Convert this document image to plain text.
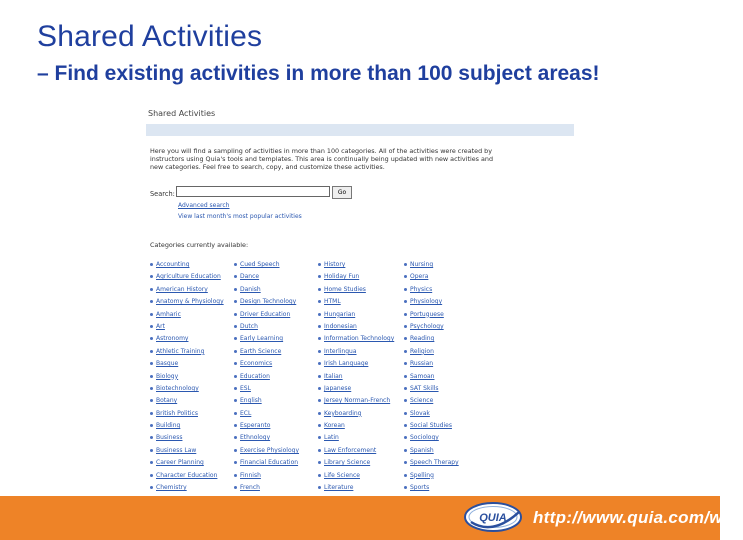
Shared Activities
– Find existing activities in more than 100 subject areas!
Shared Activities
Here you will find a sampling of activities in more than 100 categories. All of the activities were created by instructors using Quia's tools and templates. This area is continually being updated with new activities and new categories. Feel free to search, copy, and customize these activities.
Search:	Go
Advanced search
View last month's most popular activities
Categories currently available:
Accounting
Agriculture Education
American History
Anatomy & Physiology
Amharic
Art
Astronomy
Athletic Training
Basque
Biology
Biotechnology
Botany
British Politics
Building
Business
Business Law
Career Planning
Character Education
Chemistry
Cued Speech
Dance
Danish
Design Technology
Driver Education
Dutch
Early Learning
Earth Science
Economics
Education
ESL
English
ECL
Esperanto
Ethnology
Exercise Physiology
Financial Education
Finnish
French
History
Holiday Fun
Home Studies
HTML
Hungarian
Indonesian
Information Technology
Interlingua
Irish Language
Italian
Japanese
Jersey Norman-French
Keyboarding
Korean
Latin
Law Enforcement
Library Science
Life Science
Literature
Nursing
Opera
Physics
Physiology
Portuguese
Psychology
Reading
Religion
Russian
Samoan
SAT Skills
Science
Slovak
Social Studies
Sociology
Spanish
Speech Therapy
Spelling
Sports
QUIA http://www.quia.com/web
